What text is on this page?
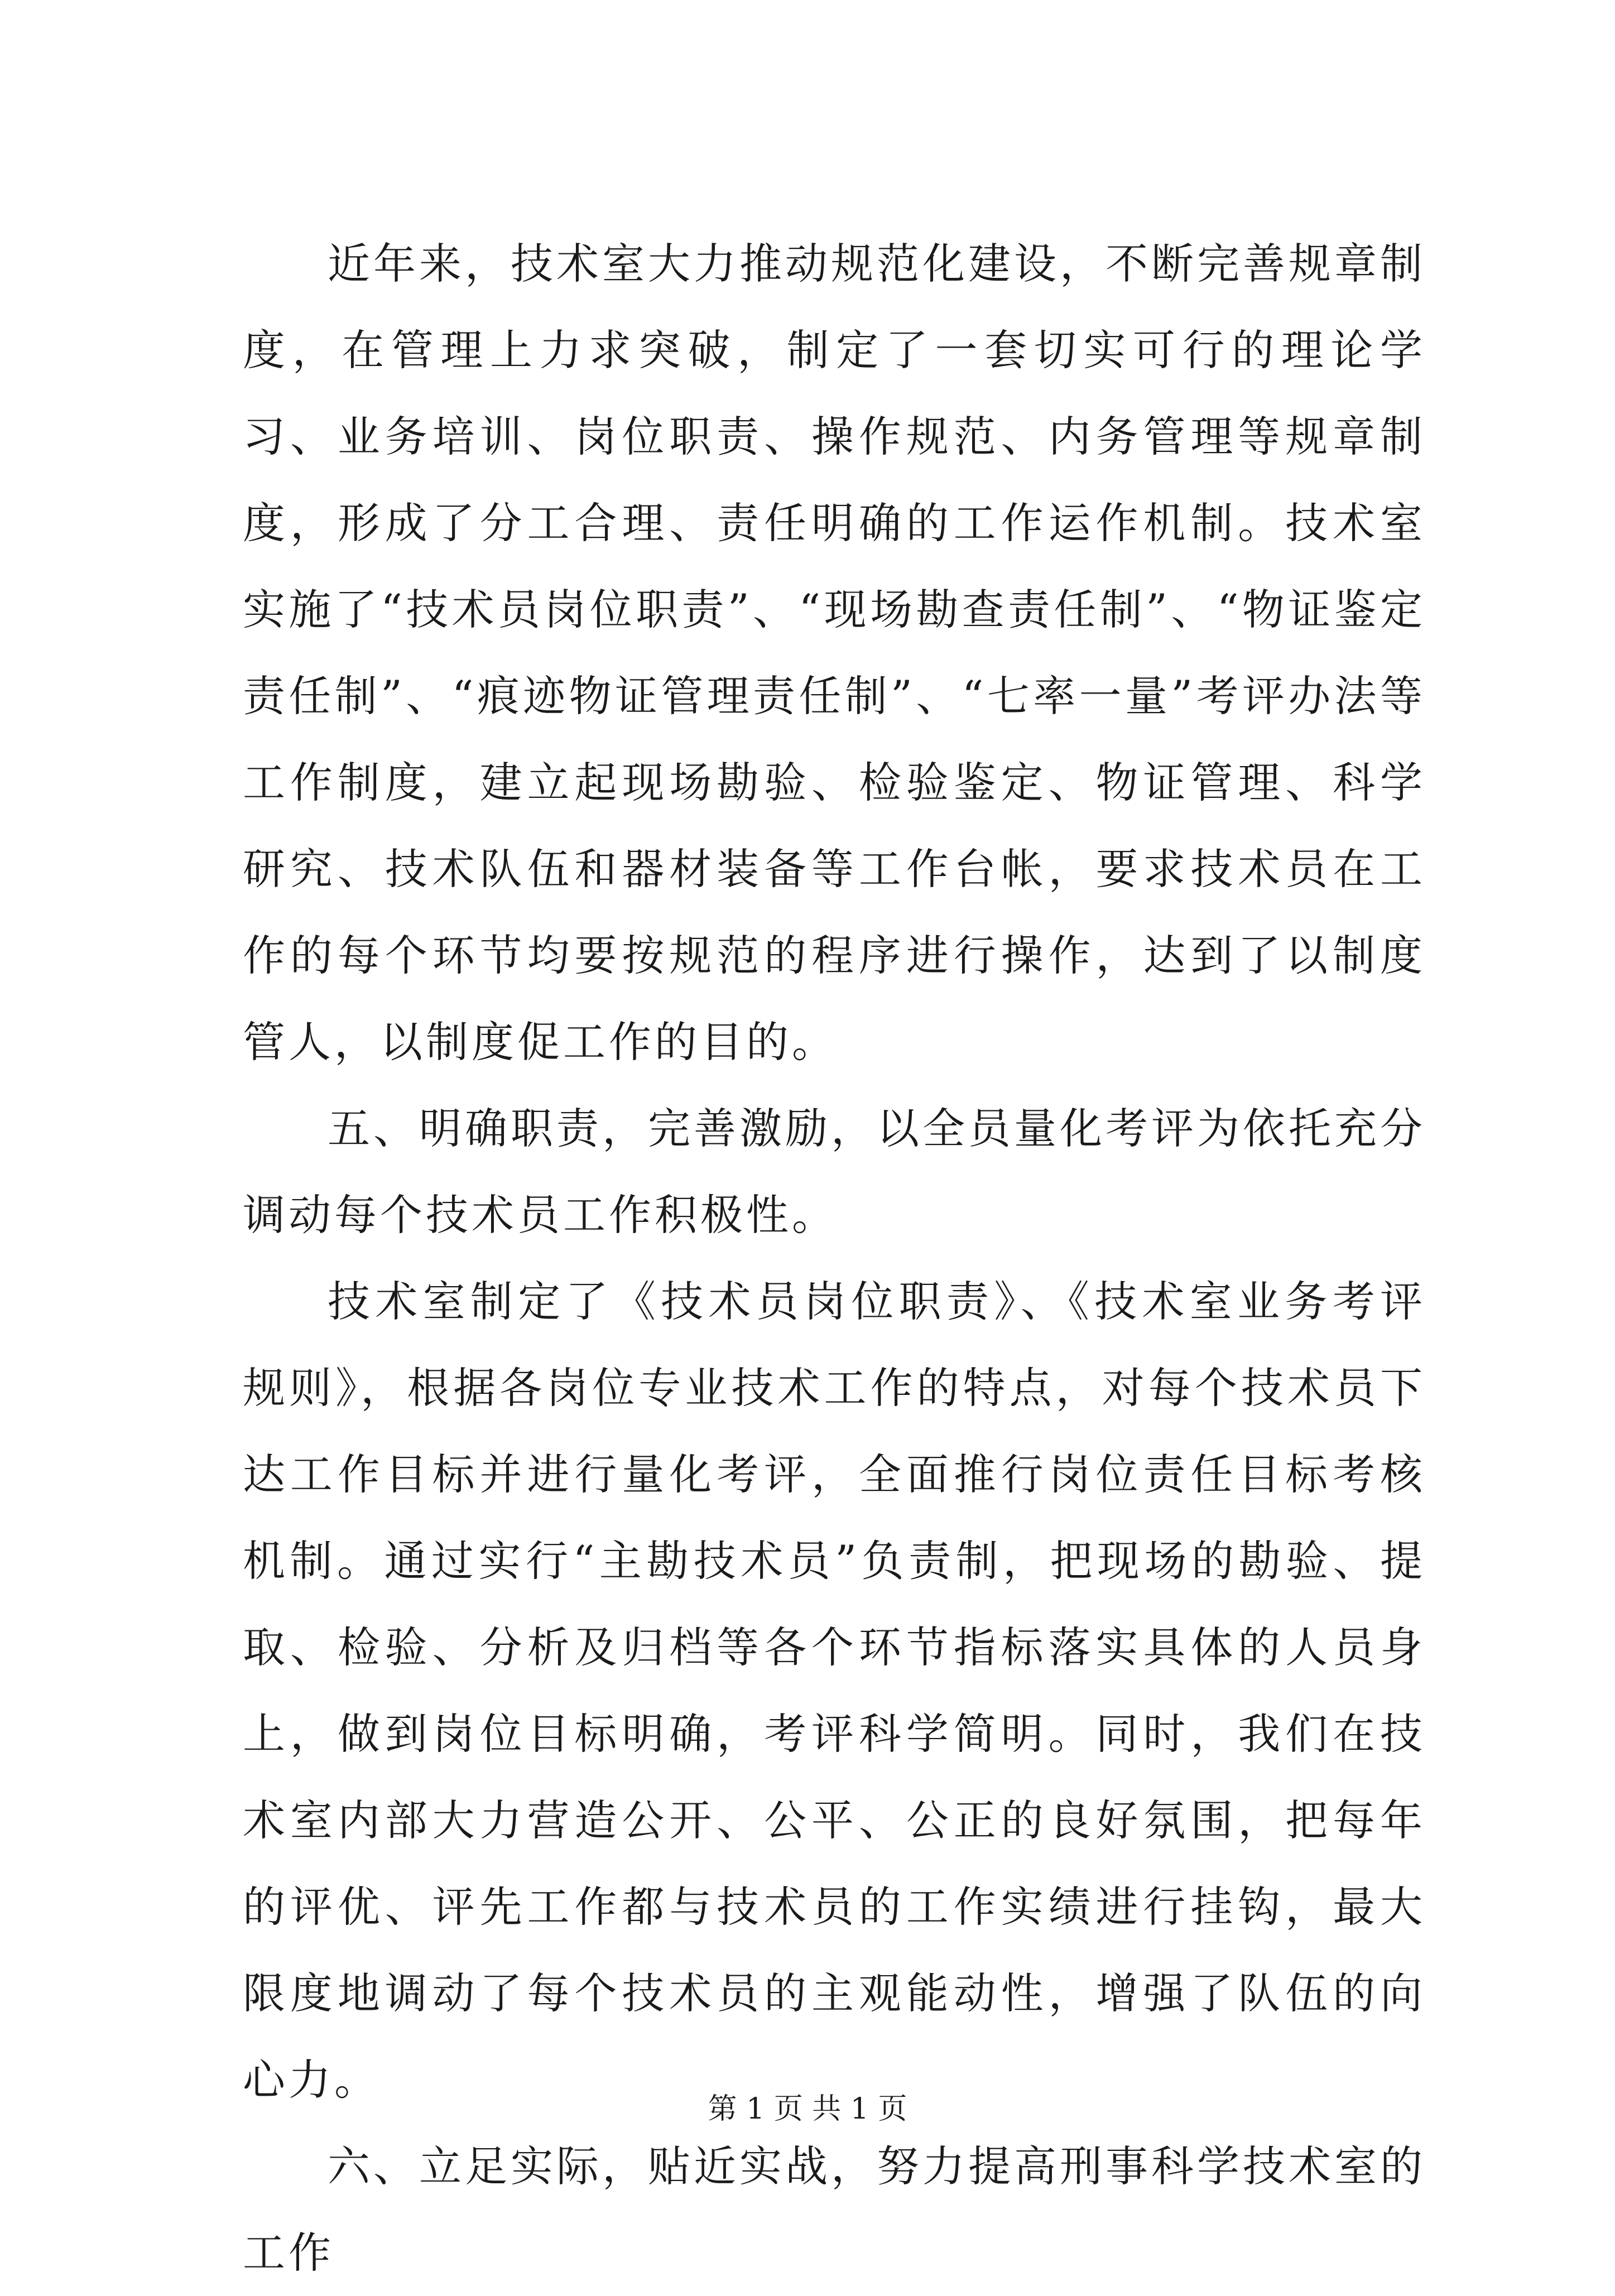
近年来，技术室大力推动规范化建设，不断完善规章制度，在管理上力求突破，制定了一套切实可行的理论学习、业务培训、岗位职责、操作规范、内务管理等规章制度，形成了分工合理、责任明确的工作运作机制。技术室实施了“技术员岗位职责”、“现场勘查责任制”、“物证鉴定责任制”、“痕迹物证管理责任制”、“七率一量”考评办法等工作制度，建立起现场勘验、检验鉴定、物证管理、科学研究、技术队伍和器材装备等工作台帐，要求技术员在工作的每个环节均要按规范的程序进行操作，达到了以制度管人，以制度促工作的目的。

五、明确职责，完善激励，以全员量化考评为依托充分调动每个技术员工作积极性。

技术室制定了《技术员岗位职责》、《技术室业务考评规则》，根据各岗位专业技术工作的特点，对每个技术员下达工作目标并进行量化考评，全面推行岗位责任目标考核机制。通过实行“主勘技术员”负责制，把现场的勘验、提取、检验、分析及归档等各个环节指标落实具体的人员身上，做到岗位目标明确，考评科学简明。同时，我们在技术室内部大力营造公开、公平、公正的良好氛围，把每年的评优、评先工作都与技术员的工作实绩进行挂钩，最大限度地调动了每个技术员的主观能动性，增强了队伍的向心力。

六、立足实际，贴近实战，努力提高刑事科学技术室的工作

第 1 页 共 1 页
